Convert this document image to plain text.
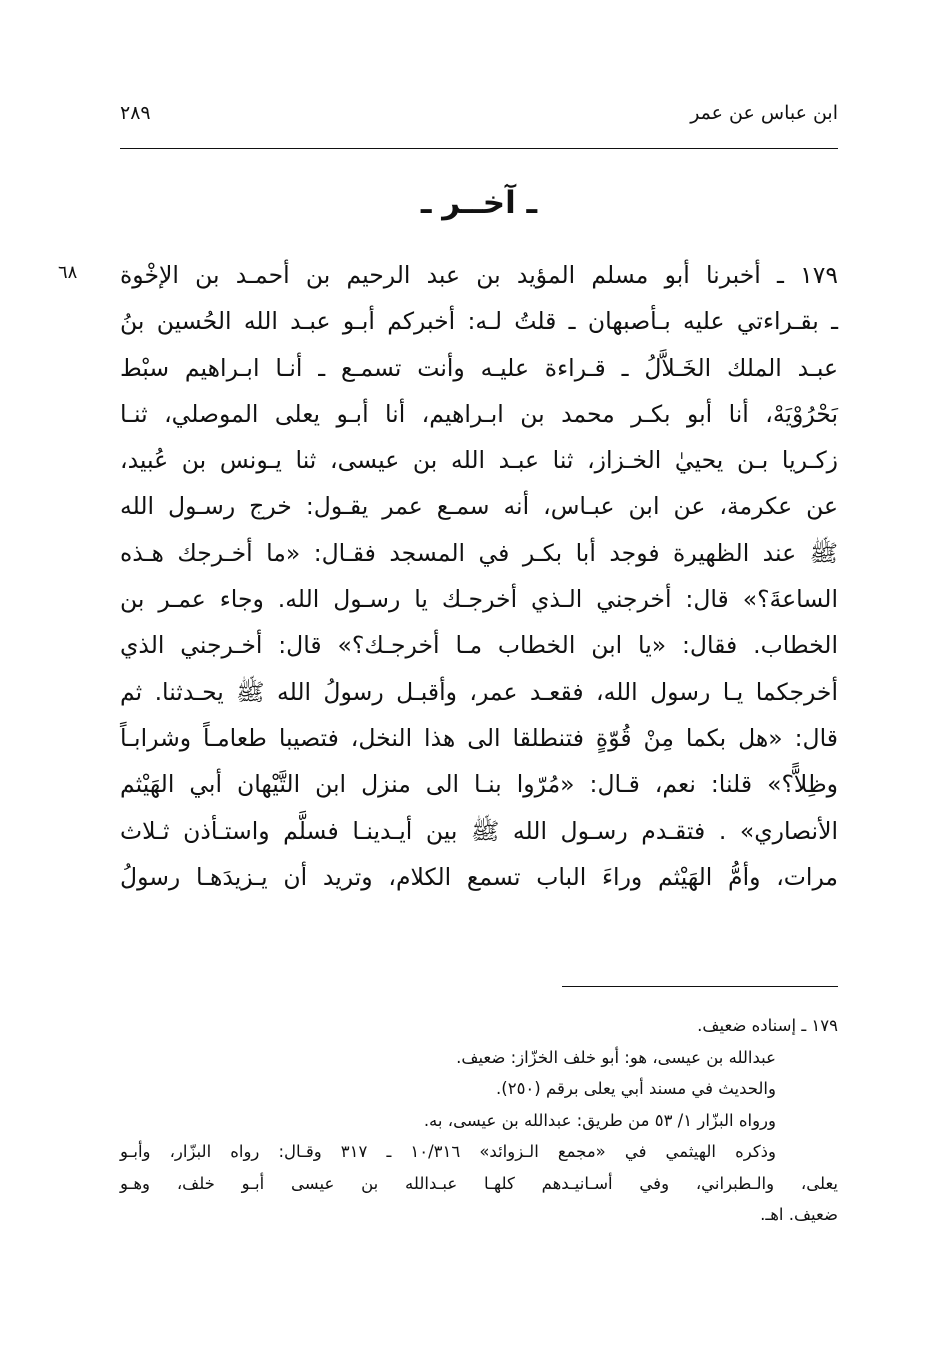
ابن عباس عن عمر
٢٨٩
ـ آخــر ـ
٦٨ ١٧٩ ـ أخبرنا أبو مسلم المؤيد بن عبد الرحيم بن أحمـد بن الإخْوة
ـ بقـراءتي عليه بـأصبهان ـ قلتُ لـه: أخبركم أبـو عبـد الله الحُسين بنُ
عبـد الملك الخَـلاَّلُ ـ قـراءة عليـه وأنت تسمـع ـ أنـا ابـراهيم سبْط
بَحْرُوْيَهْ، أنا أبو بكـر محمد بن ابـراهيم، أنا أبـو يعلى الموصلي، ثنـا
زكـريا بـن يحييٰ الخـزاز، ثنا عبـد الله بن عيسى، ثنا يـونس بن عُبيد،
عن عكرمة، عن ابن عبـاس، أنه سمـع عمر يقـول: خرج رسـول الله
ﷺ عند الظهيرة فوجد أبا بكـر في المسجد فقـال: «ما أخـرجك هـذه
الساعةَ؟» قال: أخرجني الـذي أخرجـك يا رسـول الله. وجاء عمـر بن
الخطاب. فقال: «يا ابن الخطاب مـا أخرجـك؟» قال: أخـرجني الذي
أخرجكما يـا رسول الله، فقعـد عمر، وأقبـل رسولُ الله ﷺ يحـدثنا. ثم
قال: «هل بكما مِنْ قُوّةٍ فتنطلقا الى هذا النخل، فتصيبا طعامـاً وشرابـاً
وظِلاًّ؟» قلنا: نعم، قـال: «مُرّوا بنـا الى منزل ابن التَّيْهان أبي الهَيْثم
الأنصاري» . فتقـدم رسـول الله ﷺ بين أيـدينـا فسلَّم واستـأذن ثـلاث
مرات، وأمُّ الهَيْثم وراءَ الباب تسمع الكلام، وتريد أن يـزيدَهـا رسولُ
١٧٩ ـ إسناده ضعيف.
عبدالله بن عيسى، هو: أبو خلف الخزّاز: ضعيف.
والحديث في مسند أبي يعلى برقم (٢٥٠).
ورواه البزّار ١/ ٥٣ من طريق: عبدالله بن عيسى، به.
وذكره الهيثمي في «مجمع الـزوائد» ١٠/٣١٦ ـ ٣١٧ وقـال: رواه البزّار، وأبـو
يعلى، والـطبراني، وفي أسـانيـدهم كلهـا عبـدالله بن عيسى أبـو خلف، وهـو
ضعيف. اهـ.
